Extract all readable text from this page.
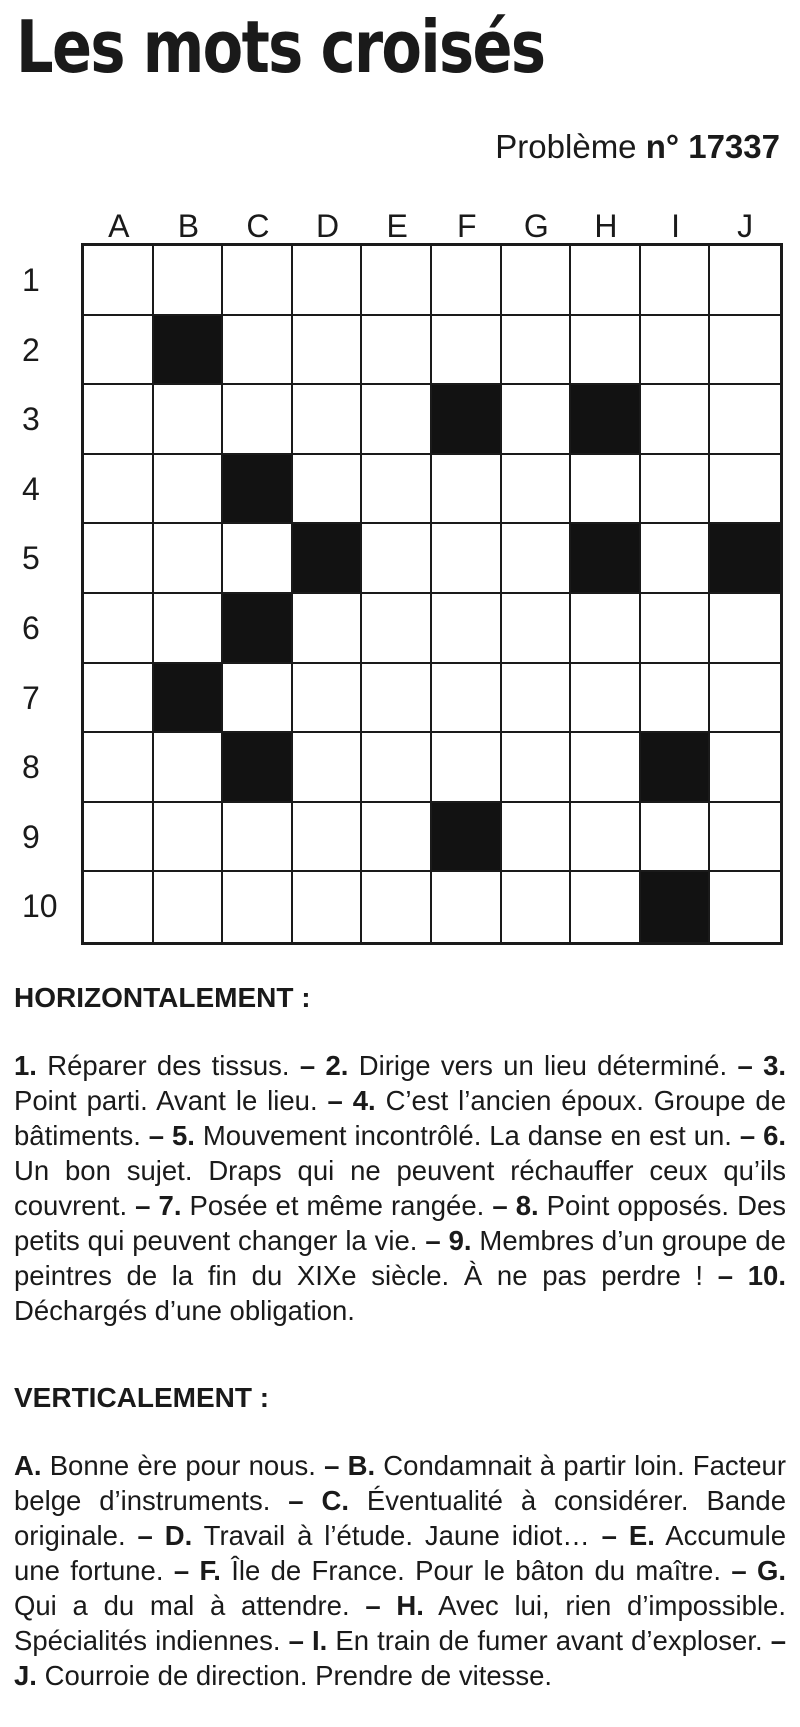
Les mots croisés
Problème n° 17337
A	B	C	D	E	F	G	H	I	J
1
2
3
4
5
6
7
8
9
10
HORIZONTALEMENT :
1. Réparer des tissus. – 2. Dirige vers un lieu déterminé. – 3. Point parti. Avant le lieu. – 4. C’est l’ancien époux. Groupe de bâtiments. – 5. Mouvement incontrôlé. La danse en est un. – 6. Un bon sujet. Draps qui ne peuvent réchauffer ceux qu’ils couvrent. – 7. Posée et même rangée. – 8. Point opposés. Des petits qui peuvent changer la vie. – 9. Membres d’un groupe de peintres de la fin du XIXe siècle. À ne pas perdre ! – 10. Déchargés d’une obligation.
VERTICALEMENT :
A. Bonne ère pour nous. – B. Condamnait à partir loin. Facteur belge d’instruments. – C. Éventualité à considérer. Bande originale. – D. Travail à l’étude. Jaune idiot… – E. Accumule une fortune. – F. Île de France. Pour le bâton du maître. – G. Qui a du mal à attendre. – H. Avec lui, rien d’impossible. Spécialités indiennes. – I. En train de fumer avant d’exploser. – J. Courroie de direction. Prendre de vitesse.
